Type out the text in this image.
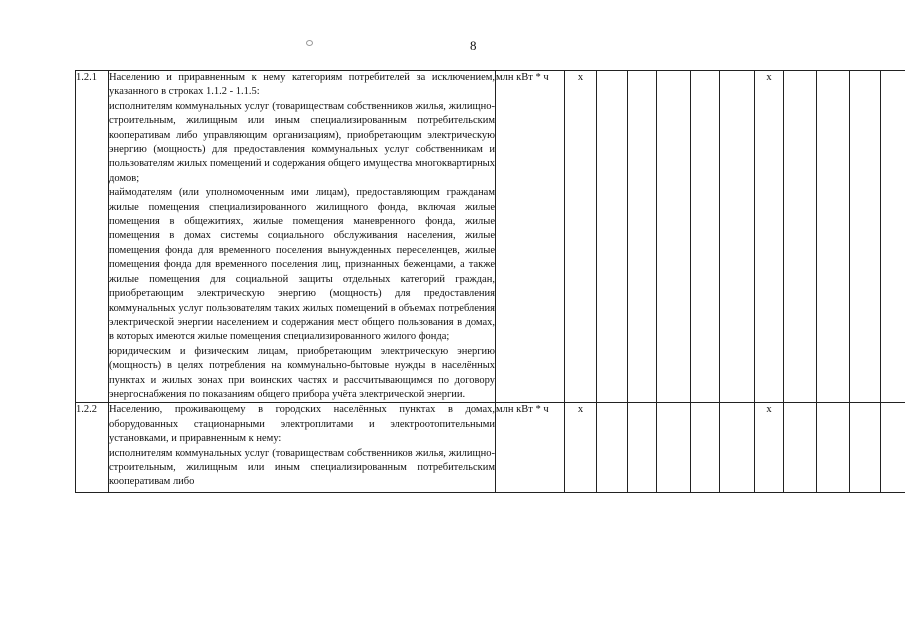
8
1.2.1	Населению и приравненным к нему категориям потребителей за исключением, указанного в строках 1.1.2 - 1.1.5:

исполнителям коммунальных услуг (товариществам собственников жилья, жилищно-строительным, жилищным или иным специализированным потребительским кооперативам либо управляющим организациям), приобретающим электрическую энергию (мощность) для предоставления коммунальных услуг собственникам и пользователям жилых помещений и содержания общего имущества многоквартирных домов;

наймодателям (или уполномоченным ими лицам), предоставляющим гражданам жилые помещения специализированного жилищного фонда, включая жилые помещения в общежитиях, жилые помещения маневренного фонда, жилые помещения в домах системы социального обслуживания населения, жилые помещения фонда для временного поселения вынужденных переселенцев, жилые помещения фонда для временного поселения лиц, признанных беженцами, а также жилые помещения для социальной защиты отдельных категорий граждан, приобретающим электрическую энергию (мощность) для предоставления коммунальных услуг пользователям таких жилых помещений в объемах потребления электрической энергии населением и содержания мест общего пользования в домах, в которых имеются жилые помещения специализированного жилого фонда;

юридическим и физическим лицам, приобретающим электрическую энергию (мощность) в целях потребления на коммунально-бытовые нужды в населённых пунктах и жилых зонах при воинских частях и рассчитывающимся по договору энергоснабжения по показаниям общего прибора учёта электрической энергии.	млн кВт * ч	x						x				
1.2.2	Населению, проживающему в городских населённых пунктах в домах, оборудованных стационарными электроплитами и электроотопительными установками, и приравненным к нему:

исполнителям коммунальных услуг (товариществам собственников жилья, жилищно-строительным, жилищным или иным специализированным потребительским кооперативам либо	млн кВт * ч	x						x				
